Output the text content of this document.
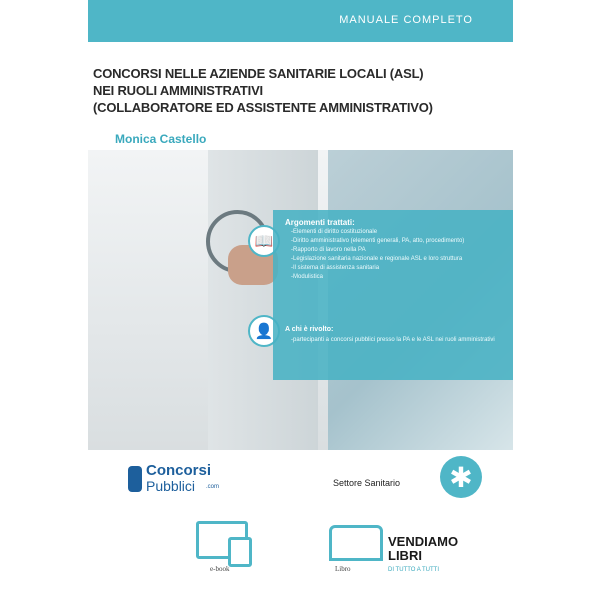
MANUALE COMPLETO
CONCORSI NELLE AZIENDE SANITARIE LOCALI (ASL)
NEI RUOLI AMMINISTRATIVI
(COLLABORATORE ED ASSISTENTE AMMINISTRATIVO)
Monica Castello
📖
👤
Argomenti trattati:
-Elementi di diritto costituzionale
-Diritto amministrativo (elementi generali, PA, atto, procedimento)
-Rapporto di lavoro nella PA
-Legislazione sanitaria nazionale e regionale ASL e loro struttura
-Il sistema di assistenza sanitaria
-Modulistica
A chi è rivolto:
-partecipanti a concorsi pubblici presso la PA e le ASL nei ruoli amministrativi
Concorsi
Pubblici .com	Settore Sanitario	✱
e-book	Libro
VENDIAMO
LIBRI
DI TUTTO A TUTTI
